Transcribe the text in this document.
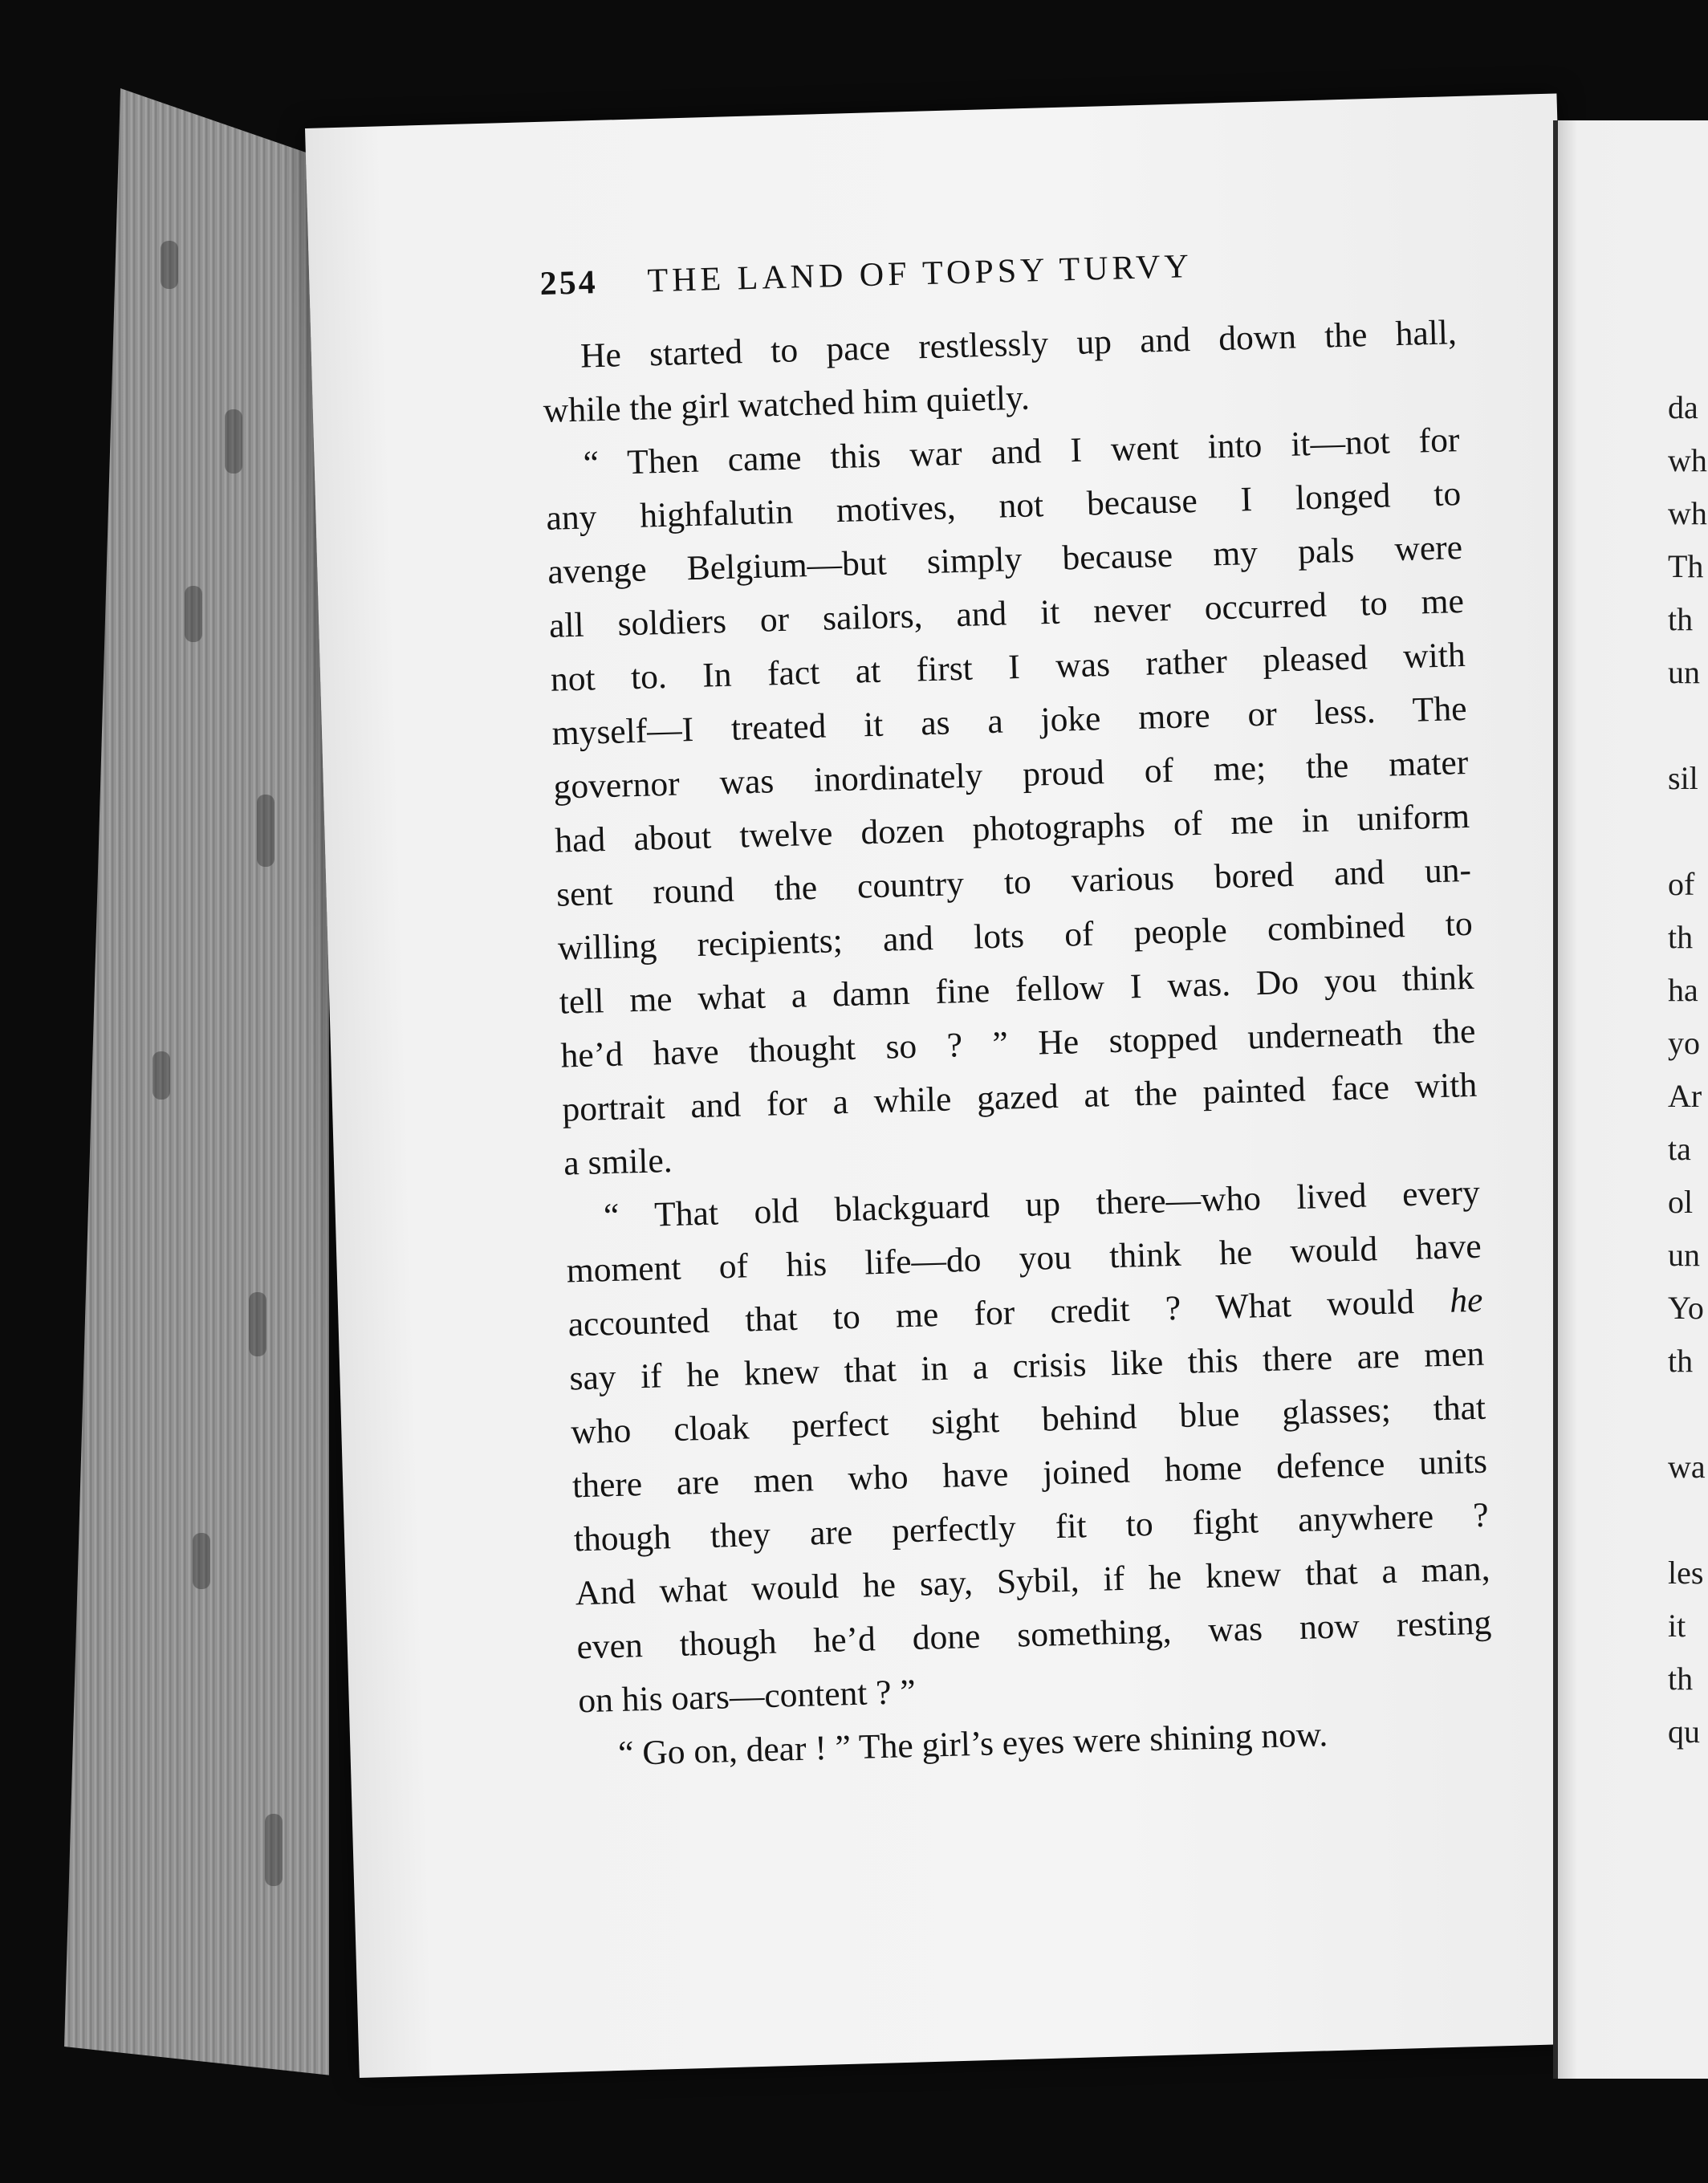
da
wh
wh
Th
th
un
sil
of
th
ha
yo
Ar
ta
ol
un
Yo
th
wa
les
it
th
qu
254 THE LAND OF TOPSY TURVY

He started to pace restlessly up and down the hall,
while the girl watched him quietly.

“ Then came this war and I went into it—not for
any highfalutin motives, not because I longed to
avenge Belgium—but simply because my pals were
all soldiers or sailors, and it never occurred to me
not to. In fact at first I was rather pleased with
myself—I treated it as a joke more or less. The
governor was inordinately proud of me; the mater
had about twelve dozen photographs of me in uniform
sent round the country to various bored and un-
willing recipients; and lots of people combined to
tell me what a damn fine fellow I was. Do you think
he’d have thought so ? ” He stopped underneath the
portrait and for a while gazed at the painted face with
a smile.

“ That old blackguard up there—who lived every
moment of his life—do you think he would have
accounted that to me for credit ? What would he
say if he knew that in a crisis like this there are men
who cloak perfect sight behind blue glasses; that
there are men who have joined home defence units
though they are perfectly fit to fight anywhere ?
And what would he say, Sybil, if he knew that a man,
even though he’d done something, was now resting
on his oars—content ? ”

“ Go on, dear ! ” The girl’s eyes were shining now.
